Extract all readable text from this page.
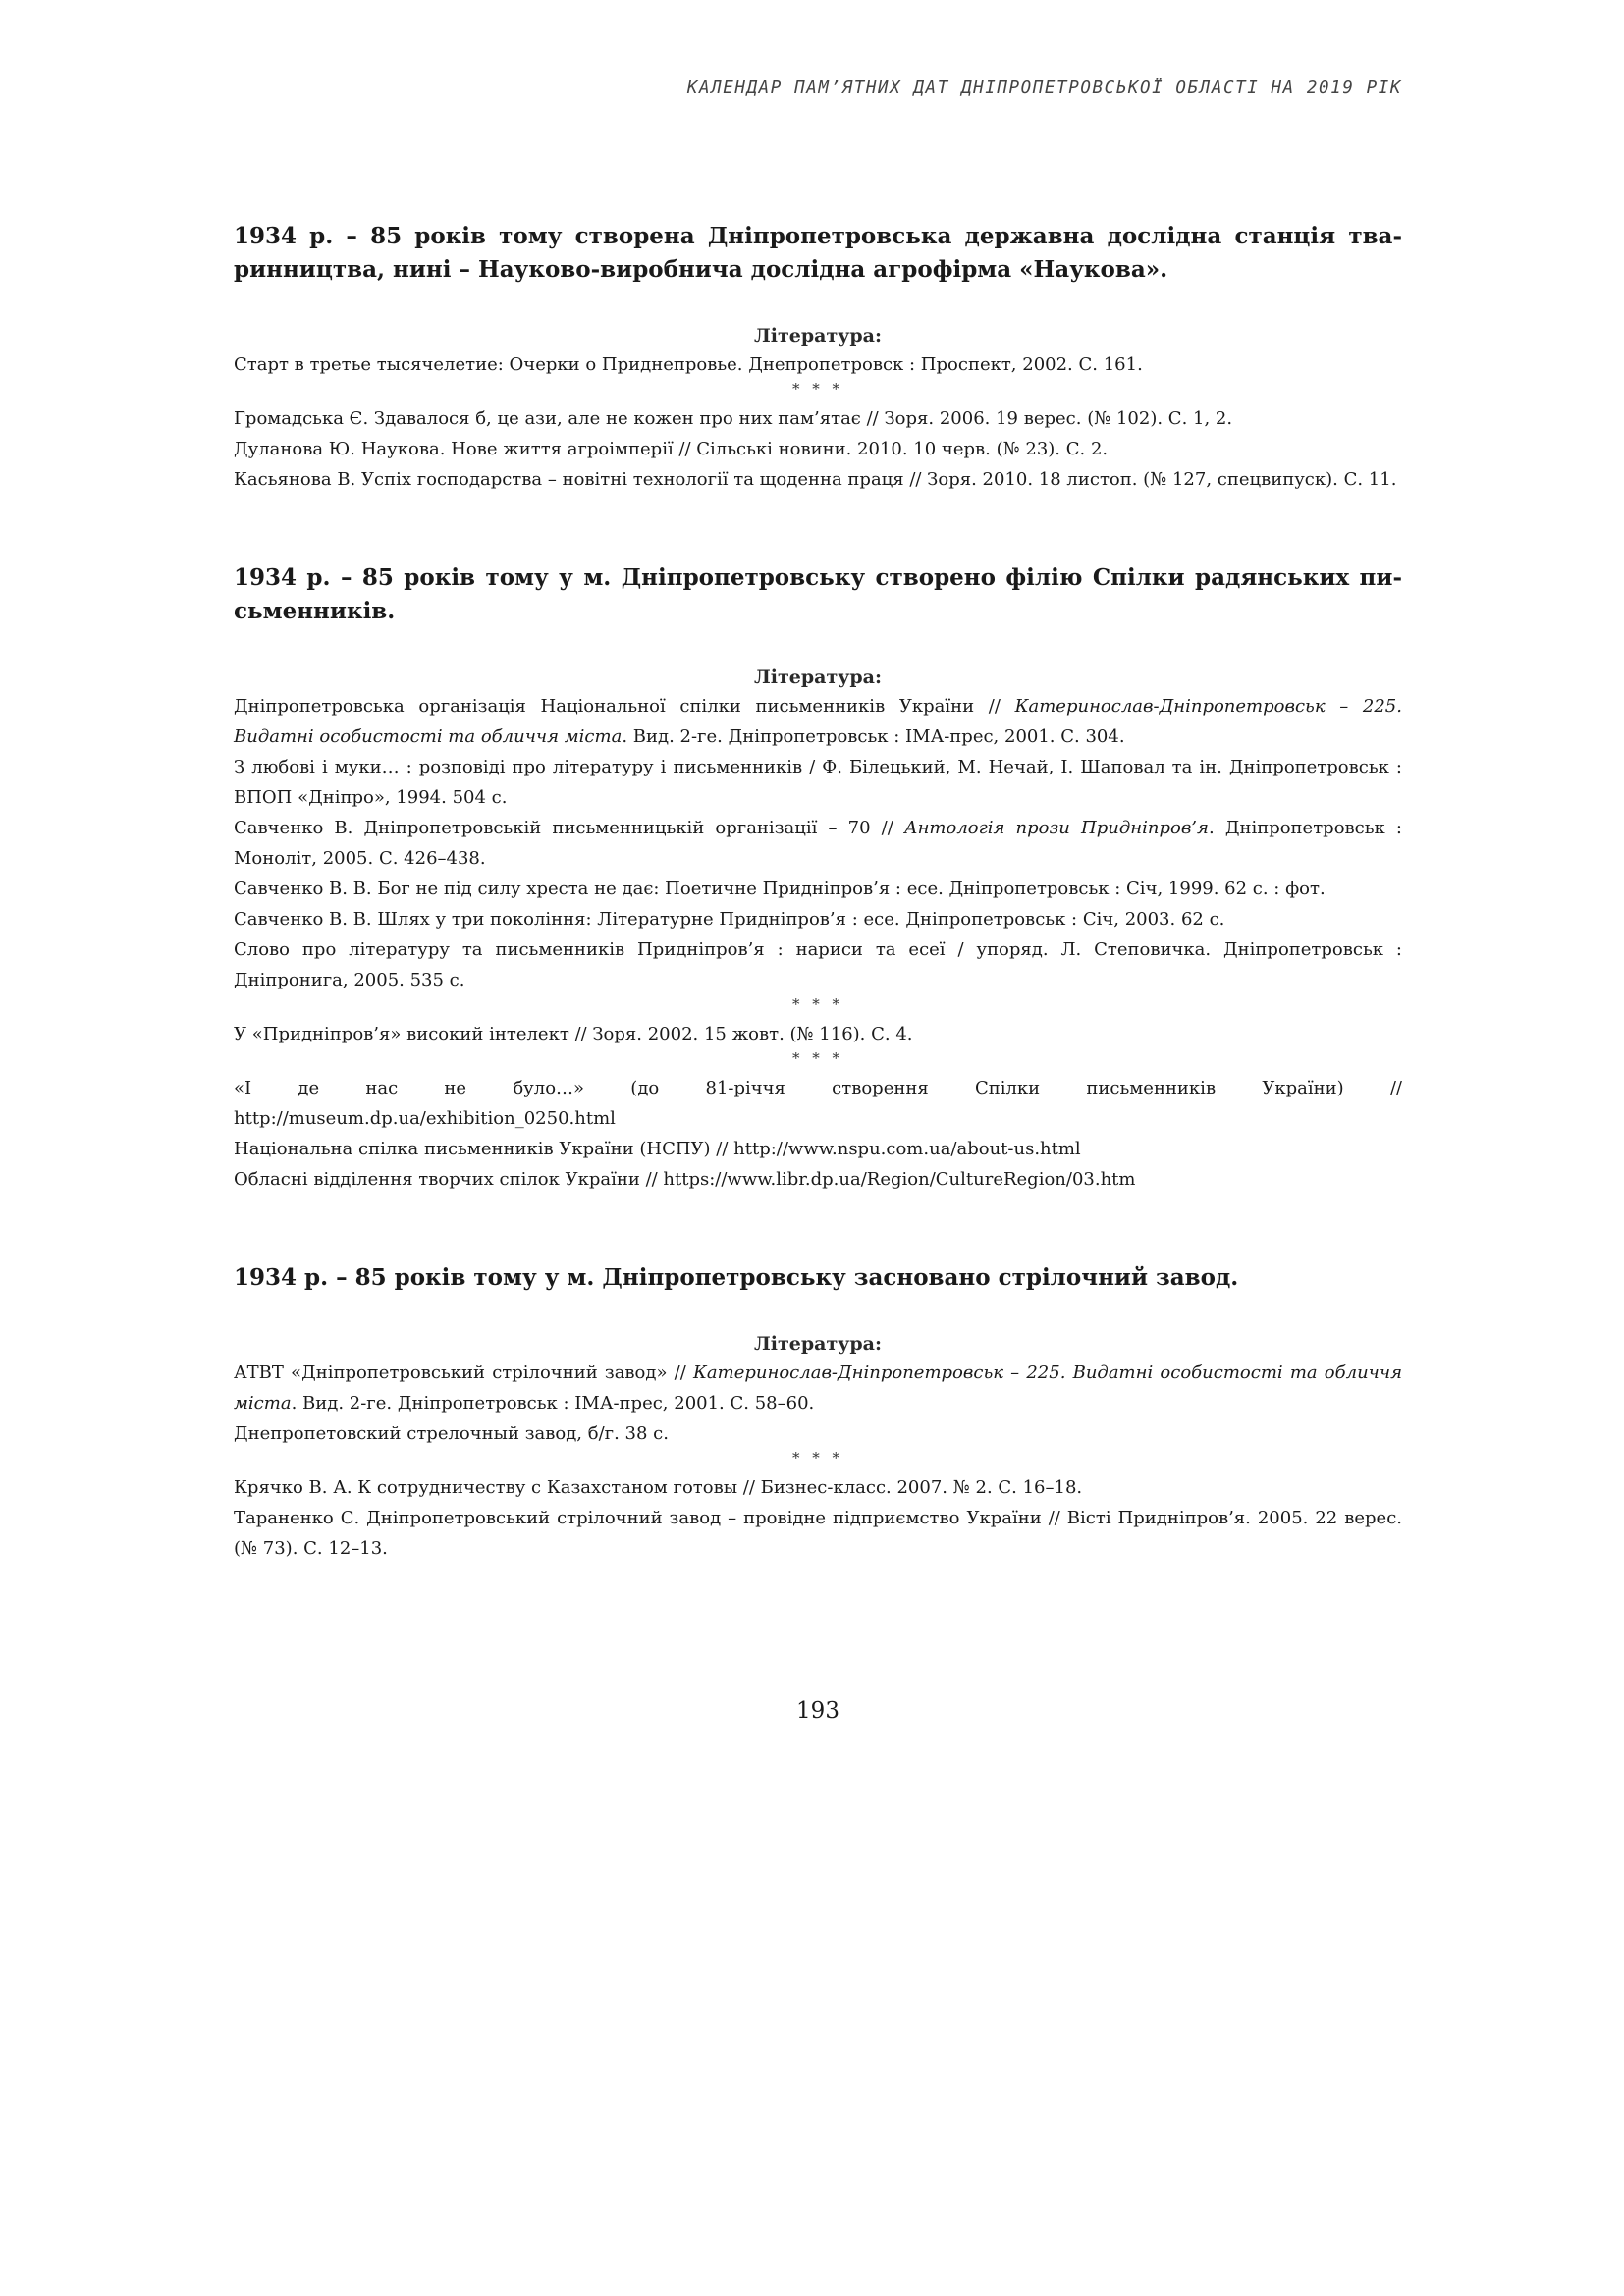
КАЛЕНДАР ПАМ’ЯТНИХ ДАТ ДНІПРОПЕТРОВСЬКОЇ ОБЛАСТІ НА 2019 РІК

1934 р. – 85 років тому створена Дніпропетровська державна дослідна станція тва-
ринництва, нині – Науково-виробнича дослідна агрофірма «Наукова».

Література:

Старт в третье тысячелетие: Очерки о Приднепровье. Днепропетровск : Проспект, 2002. С. 161.

* * *

Громадська Є. Здавалося б, це ази, але не кожен про них пам’ятає // Зоря. 2006. 19 верес. (№ 102). С. 1, 2.

Дуланова Ю. Наукова. Нове життя агроімперії // Сільські новини. 2010. 10 черв. (№ 23). С. 2.

Касьянова В. Успіх господарства – новітні технології та щоденна праця // Зоря. 2010. 18 листоп. (№ 127, спецвипуск). С. 11.

1934 р. – 85 років тому у м. Дніпропетровську створено філію Спілки радянських пи-
сьменників.

Література:

Дніпропетровська організація Національної спілки письменників України // Катеринослав-Дніпропетровськ – 225. Видатні особистості та обличчя міста. Вид. 2-ге. Дніпропетровськ : ІМА-прес, 2001. С. 304.

З любові і муки… : розповіді про літературу і письменників / Ф. Білецький, М. Нечай, І. Шаповал та ін. Дніпропетровськ : ВПОП «Дніпро», 1994. 504 с.

Савченко В. Дніпропетровській письменницькій організації – 70 // Антологія прози Придніпров’я. Дніпропетровськ : Моноліт, 2005. С. 426–438.

Савченко В. В. Бог не під силу хреста не дає: Поетичне Придніпров’я : есе. Дніпропетровськ : Січ, 1999. 62 с. : фот.

Савченко В. В. Шлях у три покоління: Літературне Придніпров’я : есе. Дніпропетровськ : Січ, 2003. 62 с.

Слово про літературу та письменників Придніпров’я : нариси та есеї / упоряд. Л. Степовичка. Дніпропетровськ : Дніпронига, 2005. 535 с.

* * *

У «Придніпров’я» високий інтелект // Зоря. 2002. 15 жовт. (№ 116). С. 4.

* * *

«І де нас не було…» (до 81-річчя створення Спілки письменників України) //
http://museum.dp.ua/exhibition_0250.html

Національна спілка письменників України (НСПУ) // http://www.nspu.com.ua/about-us.html

Обласні відділення творчих спілок України // https://www.libr.dp.ua/Region/CultureRegion/03.htm

1934 р. – 85 років тому у м. Дніпропетровську засновано стрілочний завод.

Література:

АТВТ «Дніпропетровський стрілочний завод» // Катеринослав-Дніпропетровськ – 225. Видатні особистості та обличчя міста. Вид. 2-ге. Дніпропетровськ : ІМА-прес, 2001. С. 58–60.

Днепропетовский стрелочный завод, б/г. 38 с.

* * *

Крячко В. А. К сотрудничеству с Казахстаном готовы // Бизнес-класс. 2007. № 2. С. 16–18.

Тараненко С. Дніпропетровський стрілочний завод – провідне підприємство України // Вісті Придніпров’я. 2005. 22 верес. (№ 73). С. 12–13.

193
